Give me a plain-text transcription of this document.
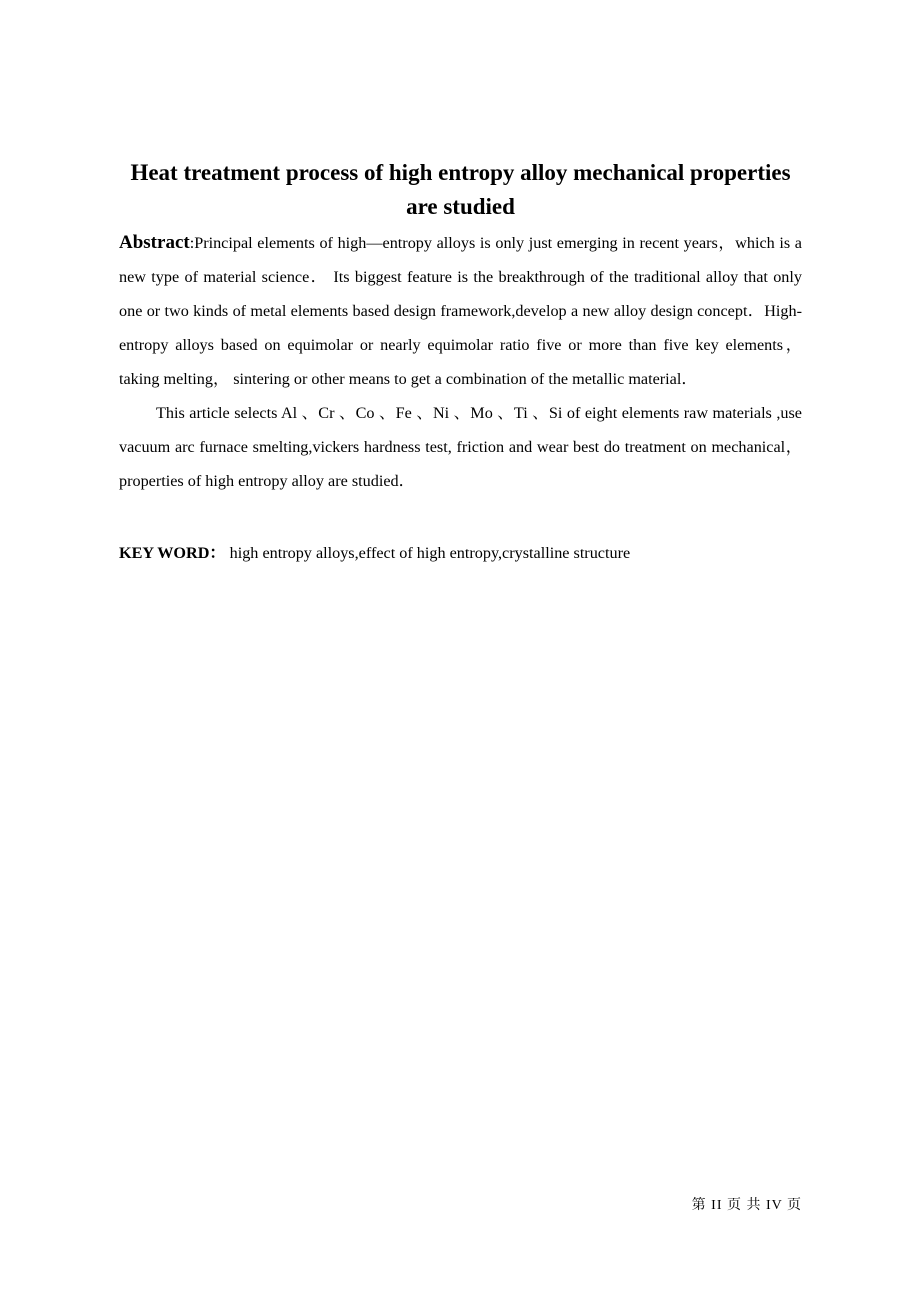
Heat treatment process of high entropy alloy mechanical properties are studied

Abstract:Principal elements of high—entropy alloys is only just emerging in recent years，which is a new type of material science． Its biggest feature is the breakthrough of the traditional alloy that only one or two kinds of metal elements based design framework,develop a new alloy design concept．High-entropy alloys based on equimolar or nearly equimolar ratio five or more than five key elements， taking melting， sintering or other means to get a combination of the metallic material．

This article selects Al 、Cr 、Co 、Fe 、Ni 、Mo 、Ti 、Si of eight elements raw materials ,use vacuum arc furnace smelting,vickers hardness test, friction and wear best do treatment on mechanical，properties of high entropy alloy are studied．

KEY WORD： high entropy alloys,effect of high entropy,crystalline structure
第 II 页 共 IV 页
